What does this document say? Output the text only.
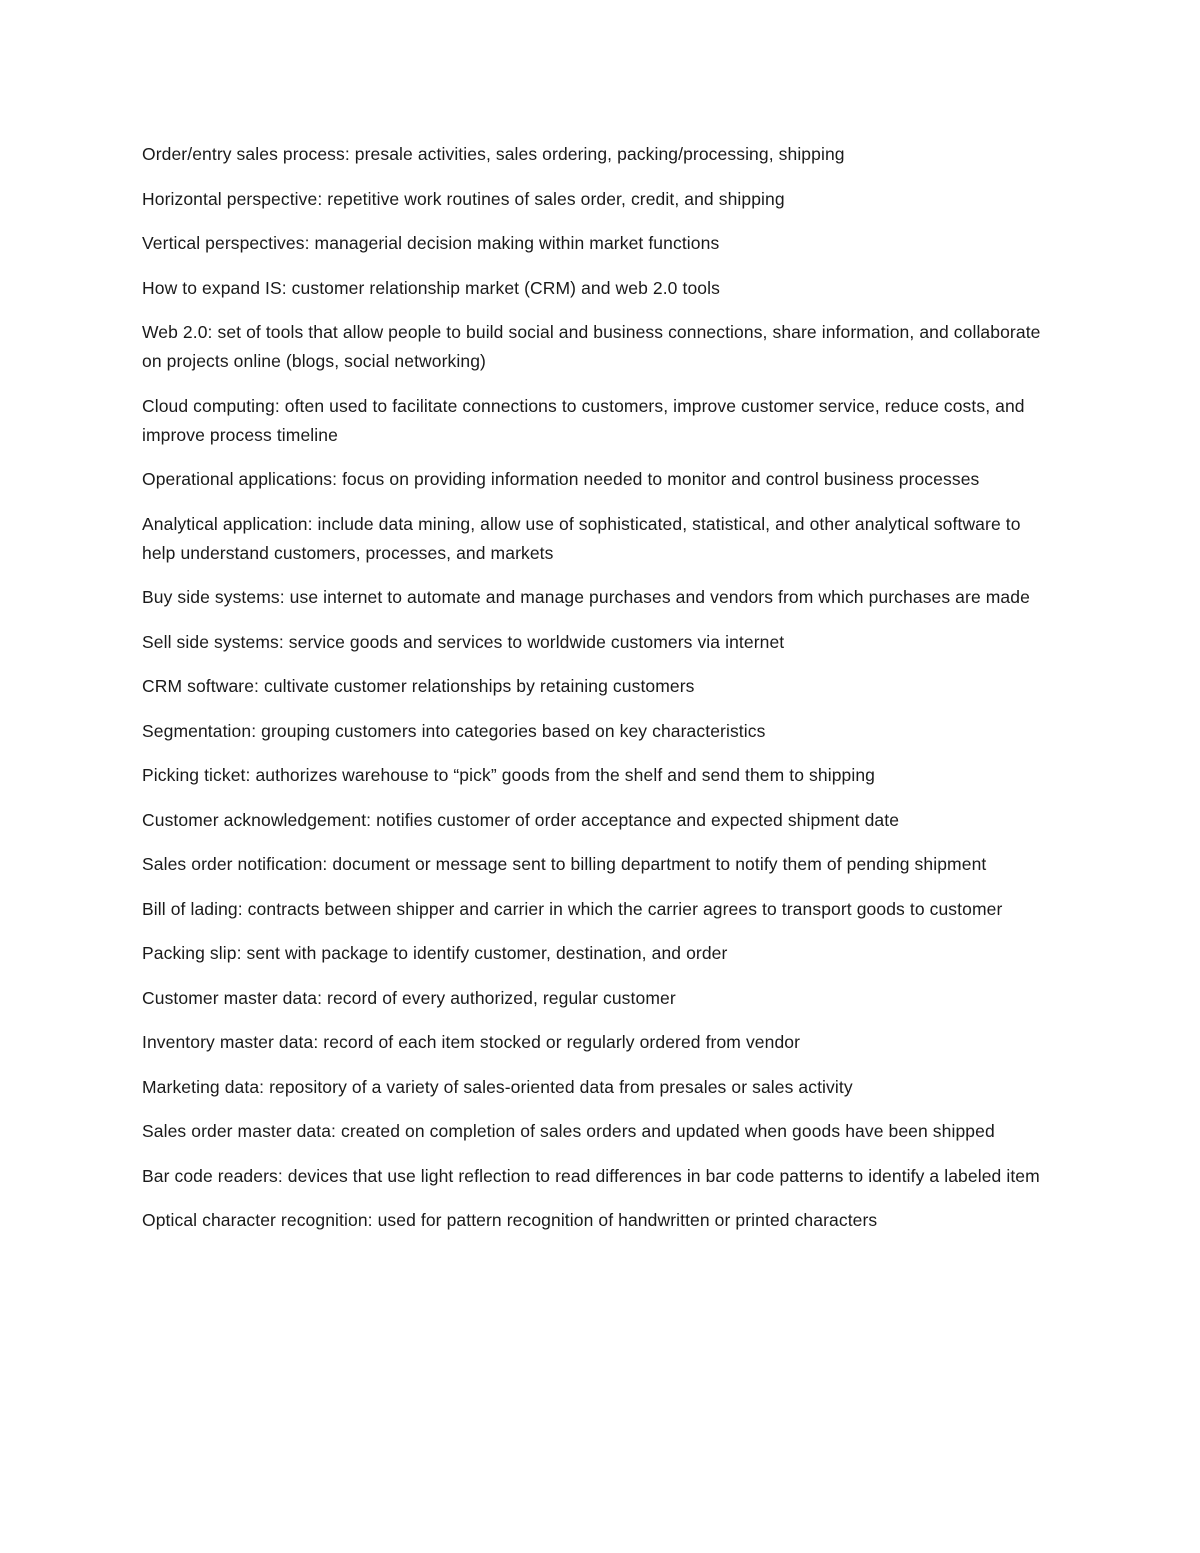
Order/entry sales process: presale activities, sales ordering, packing/processing, shipping

Horizontal perspective: repetitive work routines of sales order, credit, and shipping

Vertical perspectives: managerial decision making within market functions

How to expand IS: customer relationship market (CRM) and web 2.0 tools

Web 2.0: set of tools that allow people to build social and business connections, share information, and collaborate on projects online (blogs, social networking)

Cloud computing: often used to facilitate connections to customers, improve customer service, reduce costs, and improve process timeline

Operational applications: focus on providing information needed to monitor and control business processes

Analytical application: include data mining, allow use of sophisticated, statistical, and other analytical software to help understand customers, processes, and markets

Buy side systems: use internet to automate and manage purchases and vendors from which purchases are made

Sell side systems: service goods and services to worldwide customers via internet

CRM software: cultivate customer relationships by retaining customers

Segmentation: grouping customers into categories based on key characteristics

Picking ticket: authorizes warehouse to “pick” goods from the shelf and send them to shipping

Customer acknowledgement: notifies customer of order acceptance and expected shipment date

Sales order notification: document or message sent to billing department to notify them of pending shipment

Bill of lading: contracts between shipper and carrier in which the carrier agrees to transport goods to customer

Packing slip: sent with package to identify customer, destination, and order

Customer master data: record of every authorized, regular customer

Inventory master data: record of each item stocked or regularly ordered from vendor

Marketing data: repository of a variety of sales-oriented data from presales or sales activity

Sales order master data: created on completion of sales orders and updated when goods have been shipped

Bar code readers: devices that use light reflection to read differences in bar code patterns to identify a labeled item

Optical character recognition: used for pattern recognition of handwritten or printed characters
